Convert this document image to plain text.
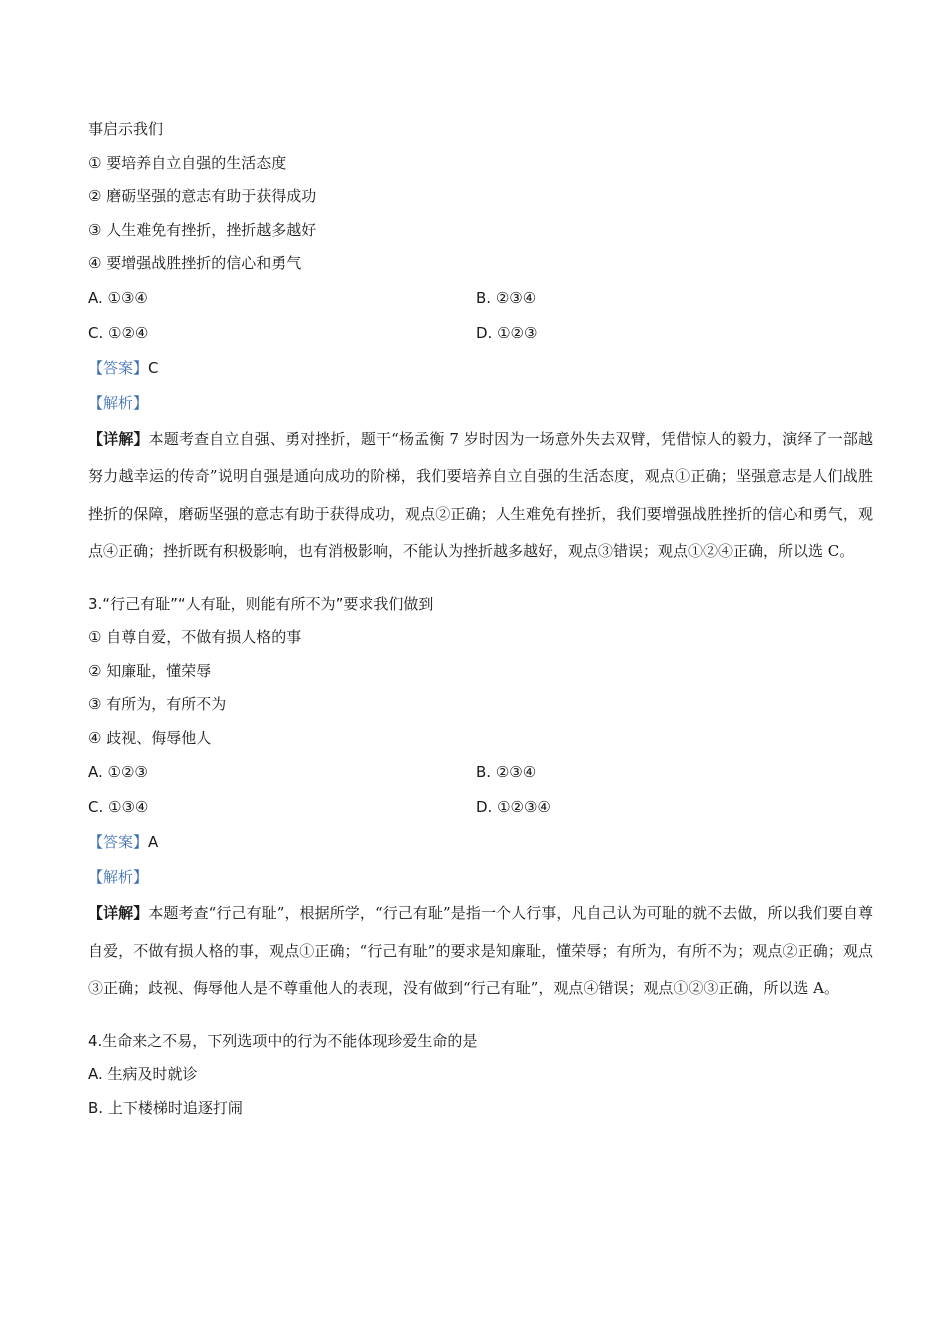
事启示我们
① 要培养自立自强的生活态度
② 磨砺坚强的意志有助于获得成功
③ 人生难免有挫折，挫折越多越好
④ 要增强战胜挫折的信心和勇气
A. ①③④	B. ②③④
C. ①②④	D. ①②③
【答案】C
【解析】
【详解】本题考查自立自强、勇对挫折，题干“杨孟衡 7 岁时因为一场意外失去双臂，凭借惊人的毅力，演绎了一部越努力越幸运的传奇”说明自强是通向成功的阶梯，我们要培养自立自强的生活态度，观点①正确；坚强意志是人们战胜挫折的保障，磨砺坚强的意志有助于获得成功，观点②正确；人生难免有挫折，我们要增强战胜挫折的信心和勇气，观点④正确；挫折既有积极影响，也有消极影响，不能认为挫折越多越好，观点③错误；观点①②④正确，所以选 C。
3.“行己有耻”“人有耻，则能有所不为”要求我们做到
① 自尊自爱，不做有损人格的事
② 知廉耻，懂荣辱
③ 有所为，有所不为
④ 歧视、侮辱他人
A. ①②③	B. ②③④
C. ①③④	D. ①②③④
【答案】A
【解析】
【详解】本题考查“行己有耻”，根据所学，“行己有耻”是指一个人行事，凡自己认为可耻的就不去做，所以我们要自尊自爱，不做有损人格的事，观点①正确；“行己有耻”的要求是知廉耻，懂荣辱；有所为，有所不为；观点②正确；观点③正确；歧视、侮辱他人是不尊重他人的表现，没有做到“行己有耻”，观点④错误；观点①②③正确，所以选 A。
4.生命来之不易，下列选项中的行为不能体现珍爱生命的是
A. 生病及时就诊
B. 上下楼梯时追逐打闹
